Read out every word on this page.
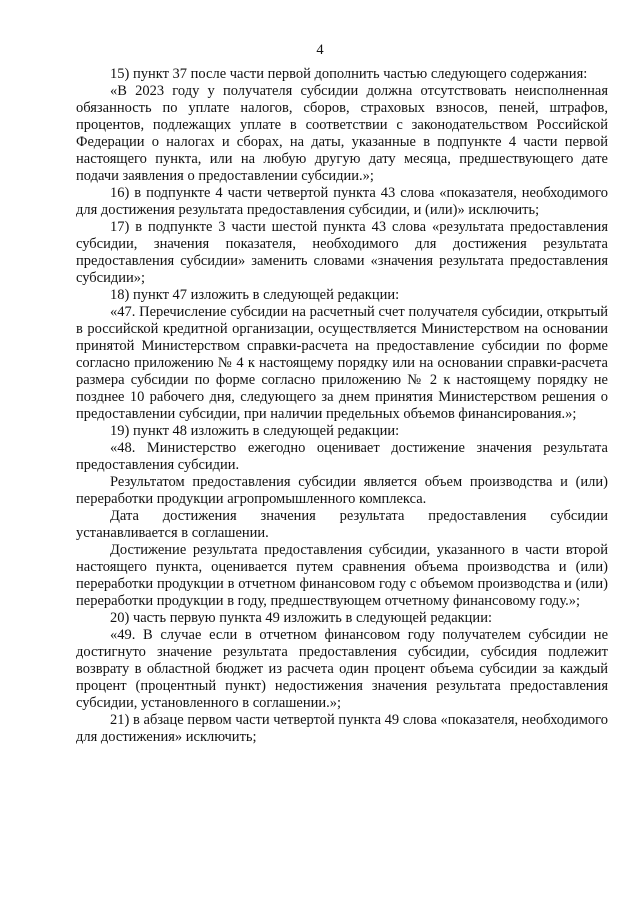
4

15) пункт 37 после части первой дополнить частью следующего содержания:

«В 2023 году у получателя субсидии должна отсутствовать неисполненная обязанность по уплате налогов, сборов, страховых взносов, пеней, штрафов, процентов, подлежащих уплате в соответствии с законодательством Российской Федерации о налогах и сборах, на даты, указанные в подпункте 4 части первой настоящего пункта, или на любую другую дату месяца, предшествующего дате подачи заявления о предоставлении субсидии.»;

16) в подпункте 4 части четвертой пункта 43 слова «показателя, необходимого для достижения результата предоставления субсидии, и (или)» исключить;

17) в подпункте 3 части шестой пункта 43 слова «результата предоставления субсидии, значения показателя, необходимого для достижения результата предоставления субсидии» заменить словами «значения результата предоставления субсидии»;

18) пункт 47 изложить в следующей редакции:

«47. Перечисление субсидии на расчетный счет получателя субсидии, открытый в российской кредитной организации, осуществляется Министерством на основании принятой Министерством справки-расчета на предоставление субсидии по форме согласно приложению № 4 к настоящему порядку или на основании справки-расчета размера субсидии по форме согласно приложению № 2 к настоящему порядку не позднее 10 рабочего дня, следующего за днем принятия Министерством решения о предоставлении субсидии, при наличии предельных объемов финансирования.»;

19) пункт 48 изложить в следующей редакции:

«48. Министерство ежегодно оценивает достижение значения результата предоставления субсидии.

Результатом предоставления субсидии является объем производства и (или) переработки продукции агропромышленного комплекса.

Дата достижения значения результата предоставления субсидии устанавливается в соглашении.

Достижение результата предоставления субсидии, указанного в части второй настоящего пункта, оценивается путем сравнения объема производства и (или) переработки продукции в отчетном финансовом году с объемом производства и (или) переработки продукции в году, предшествующем отчетному финансовому году.»;

20) часть первую пункта 49 изложить в следующей редакции:

«49. В случае если в отчетном финансовом году получателем субсидии не достигнуто значение результата предоставления субсидии, субсидия подлежит возврату в областной бюджет из расчета один процент объема субсидии за каждый процент (процентный пункт) недостижения значения результата предоставления субсидии, установленного в соглашении.»;

21) в абзаце первом части четвертой пункта 49 слова «показателя, необходимого для достижения» исключить;
